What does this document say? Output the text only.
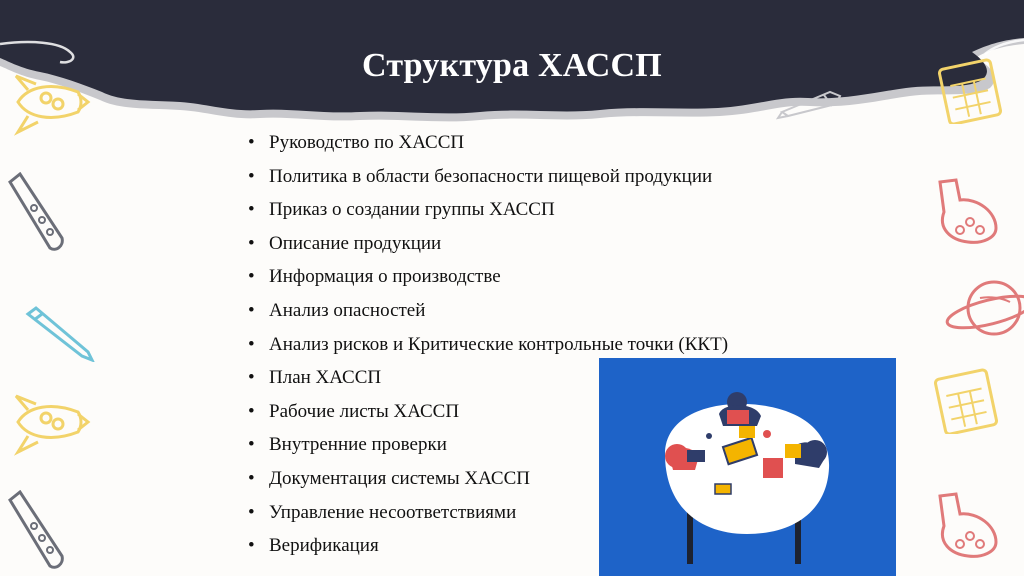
Структура ХАССП
• Руководство по ХАССП
• Политика в области безопасности пищевой продукции
• Приказ о создании группы ХАССП
• Описание продукции
• Информация о производстве
• Анализ опасностей
• Анализ рисков и Критические контрольные точки (ККТ)
• План ХАССП
• Рабочие листы ХАССП
• Внутренние проверки
• Документация системы ХАССП
• Управление несоответствиями
• Верификация
